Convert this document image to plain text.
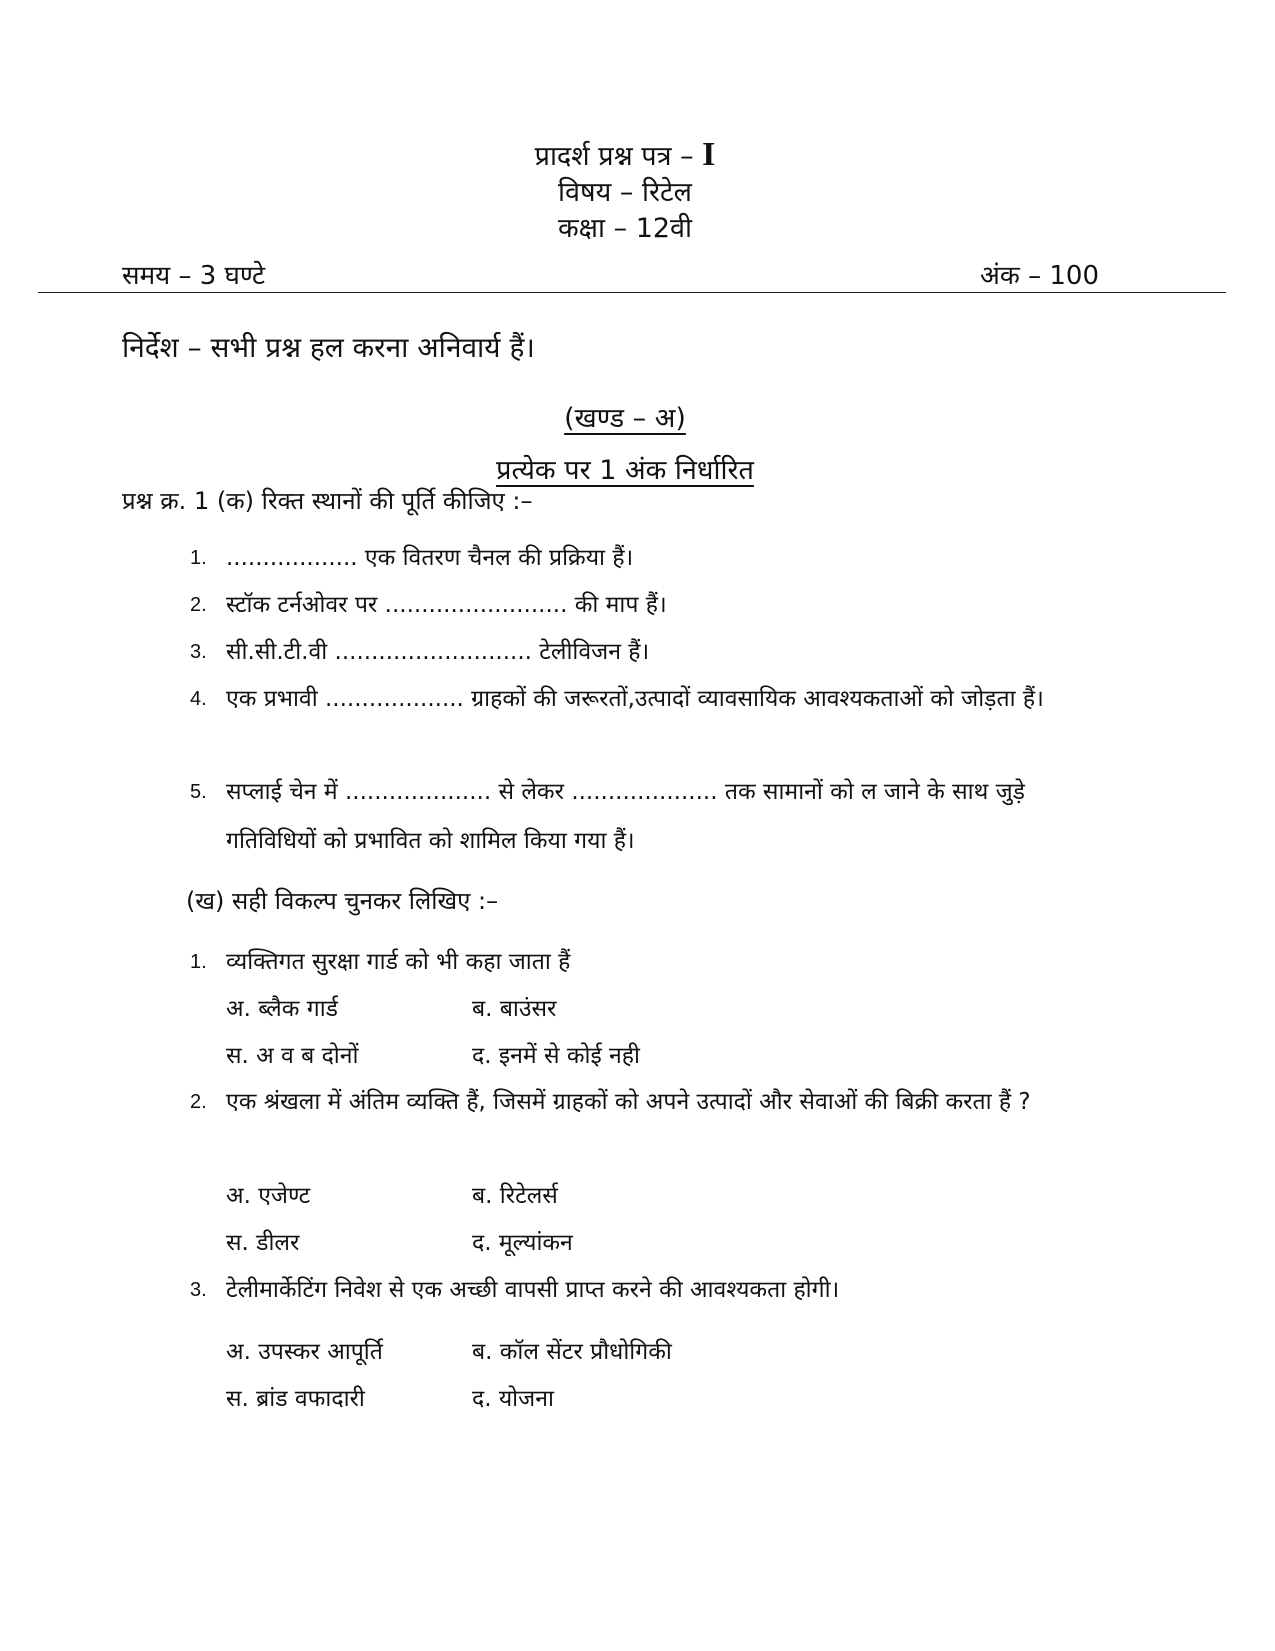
प्रादर्श प्रश्न पत्र – I
विषय – रिटेल
कक्षा – 12वी
समय – 3 घण्टे	अंक – 100
निर्देश – सभी प्रश्न हल करना अनिवार्य हैं।
(खण्ड – अ)
प्रत्येक पर 1 अंक निर्धारित
प्रश्न क्र. 1 (क) रिक्त स्थानों की पूर्ति कीजिए :–
1. .................. एक वितरण चैनल की प्रक्रिया हैं।
2. स्टॉक टर्नओवर पर ......................... की माप हैं।
3. सी.सी.टी.वी ........................... टेलीविजन हैं।
4. एक प्रभावी ................... ग्राहकों की जरूरतों,उत्पादों व्यावसायिक आवश्यकताओं को जोड़ता हैं।
5. सप्लाई चेन में .................... से लेकर .................... तक सामानों को ल जाने के साथ जुड़े गतिविधियों को प्रभावित को शामिल किया गया हैं।
(ख) सही विकल्प चुनकर लिखिए :–
1. व्यक्तिगत सुरक्षा गार्ड को भी कहा जाता हैं
अ. ब्लैक गार्ड	ब. बाउंसर
स. अ व ब दोनों	द. इनमें से कोई नही
2. एक श्रंखला में अंतिम व्यक्ति हैं, जिसमें ग्राहकों को अपने उत्पादों और सेवाओं की बिक्री करता हैं ?
अ. एजेण्ट	ब. रिटेलर्स
स. डीलर	द. मूल्यांकन
3. टेलीमार्केटिंग निवेश से एक अच्छी वापसी प्राप्त करने की आवश्यकता होगी।
अ. उपस्कर आपूर्ति	ब. कॉल सेंटर प्रौधोगिकी
स. ब्रांड वफादारी	द. योजना
